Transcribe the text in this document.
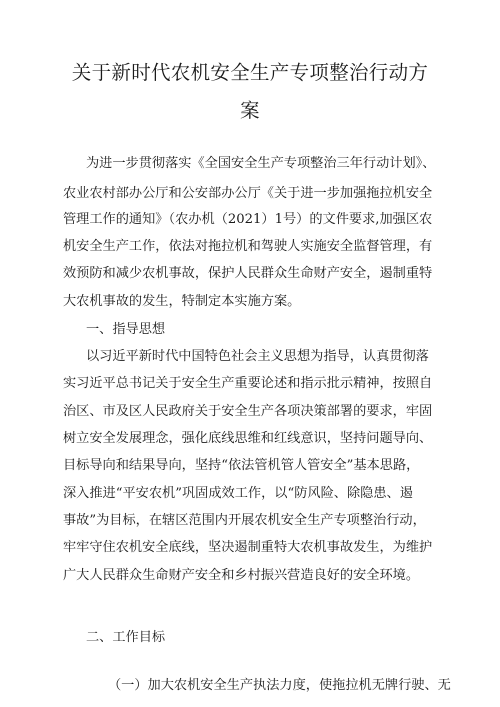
关于新时代农机安全生产专项整治行动方案

为进一步贯彻落实《全国安全生产专项整治三年行动计划》、

农业农村部办公厅和公安部办公厅《关于进一步加强拖拉机安全

管理工作的通知》（农办机（2021）1号）的文件要求,加强区农

机安全生产工作，依法对拖拉机和驾驶人实施安全监督管理，有

效预防和减少农机事故，保护人民群众生命财产安全，遏制重特

大农机事故的发生，特制定本实施方案。

一、指导思想

以习近平新时代中国特色社会主义思想为指导，认真贯彻落

实习近平总书记关于安全生产重要论述和指示批示精神，按照自

治区、市及区人民政府关于安全生产各项决策部署的要求，牢固

树立安全发展理念，强化底线思维和红线意识，坚持问题导向、

目标导向和结果导向，坚持“依法管机管人管安全”基本思路，

深入推进“平安农机”巩固成效工作，以“防风险、除隐患、遏

事故”为目标，在辖区范围内开展农机安全生产专项整治行动，

牢牢守住农机安全底线，坚决遏制重特大农机事故发生，为维护

广大人民群众生命财产安全和乡村振兴营造良好的安全环境。

二、工作目标

（一）加大农机安全生产执法力度，使拖拉机无牌行驶、无
